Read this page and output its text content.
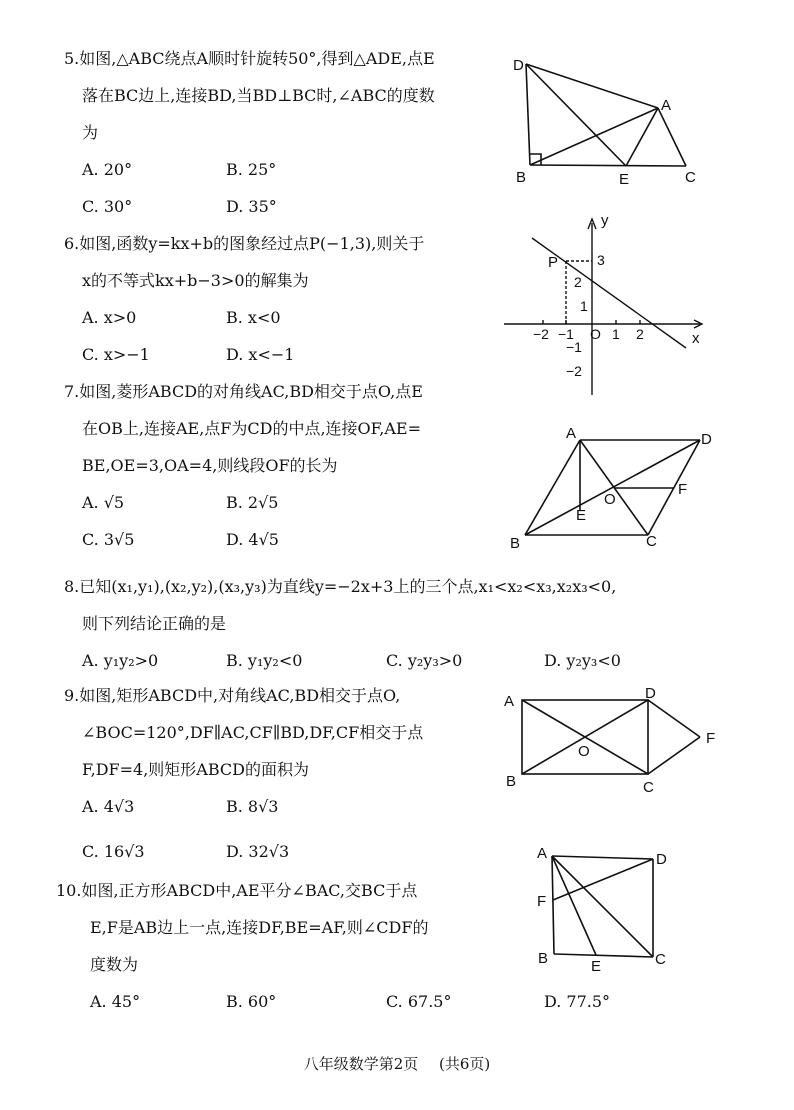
5.如图,△ABC绕点A顺时针旋转50°,得到△ADE,点E
落在BC边上,连接BD,当BD⊥BC时,∠ABC的度数
为
A. 20°	B. 25°
C. 30°	D. 35°
D
A
B	E	C
6.如图,函数y=kx+b的图象经过点P(−1,3),则关于
x的不等式kx+b−3>0的解集为
A. x>0	B. x<0
C. x>−1	D. x<−1
y
x
P
O
3
2
1
−1
−2
1 2
−1
−2
7.如图,菱形ABCD的对角线AC,BD相交于点O,点E
在OB上,连接AE,点F为CD的中点,连接OF,AE=
BE,OE=3,OA=4,则线段OF的长为
A. √5	B. 2√5
C. 3√5	D. 4√5
A	D
O
F
E
B	C
8.已知(x₁,y₁),(x₂,y₂),(x₃,y₃)为直线y=−2x+3上的三个点,x₁<x₂<x₃,x₂x₃<0,
则下列结论正确的是
A. y₁y₂>0	B. y₁y₂<0	C. y₂y₃>0	D. y₂y₃<0
9.如图,矩形ABCD中,对角线AC,BD相交于点O,
∠BOC=120°,DF∥AC,CF∥BD,DF,CF相交于点
F,DF=4,则矩形ABCD的面积为
A. 4√3	B. 8√3
C. 16√3	D. 32√3
A	D
O
F
B	C
10.如图,正方形ABCD中,AE平分∠BAC,交BC于点
E,F是AB边上一点,连接DF,BE=AF,则∠CDF的
度数为
A. 45°	B. 60°	C. 67.5°	D. 77.5°
A	D
F
B	E	C
八年级数学第2页 (共6页)
